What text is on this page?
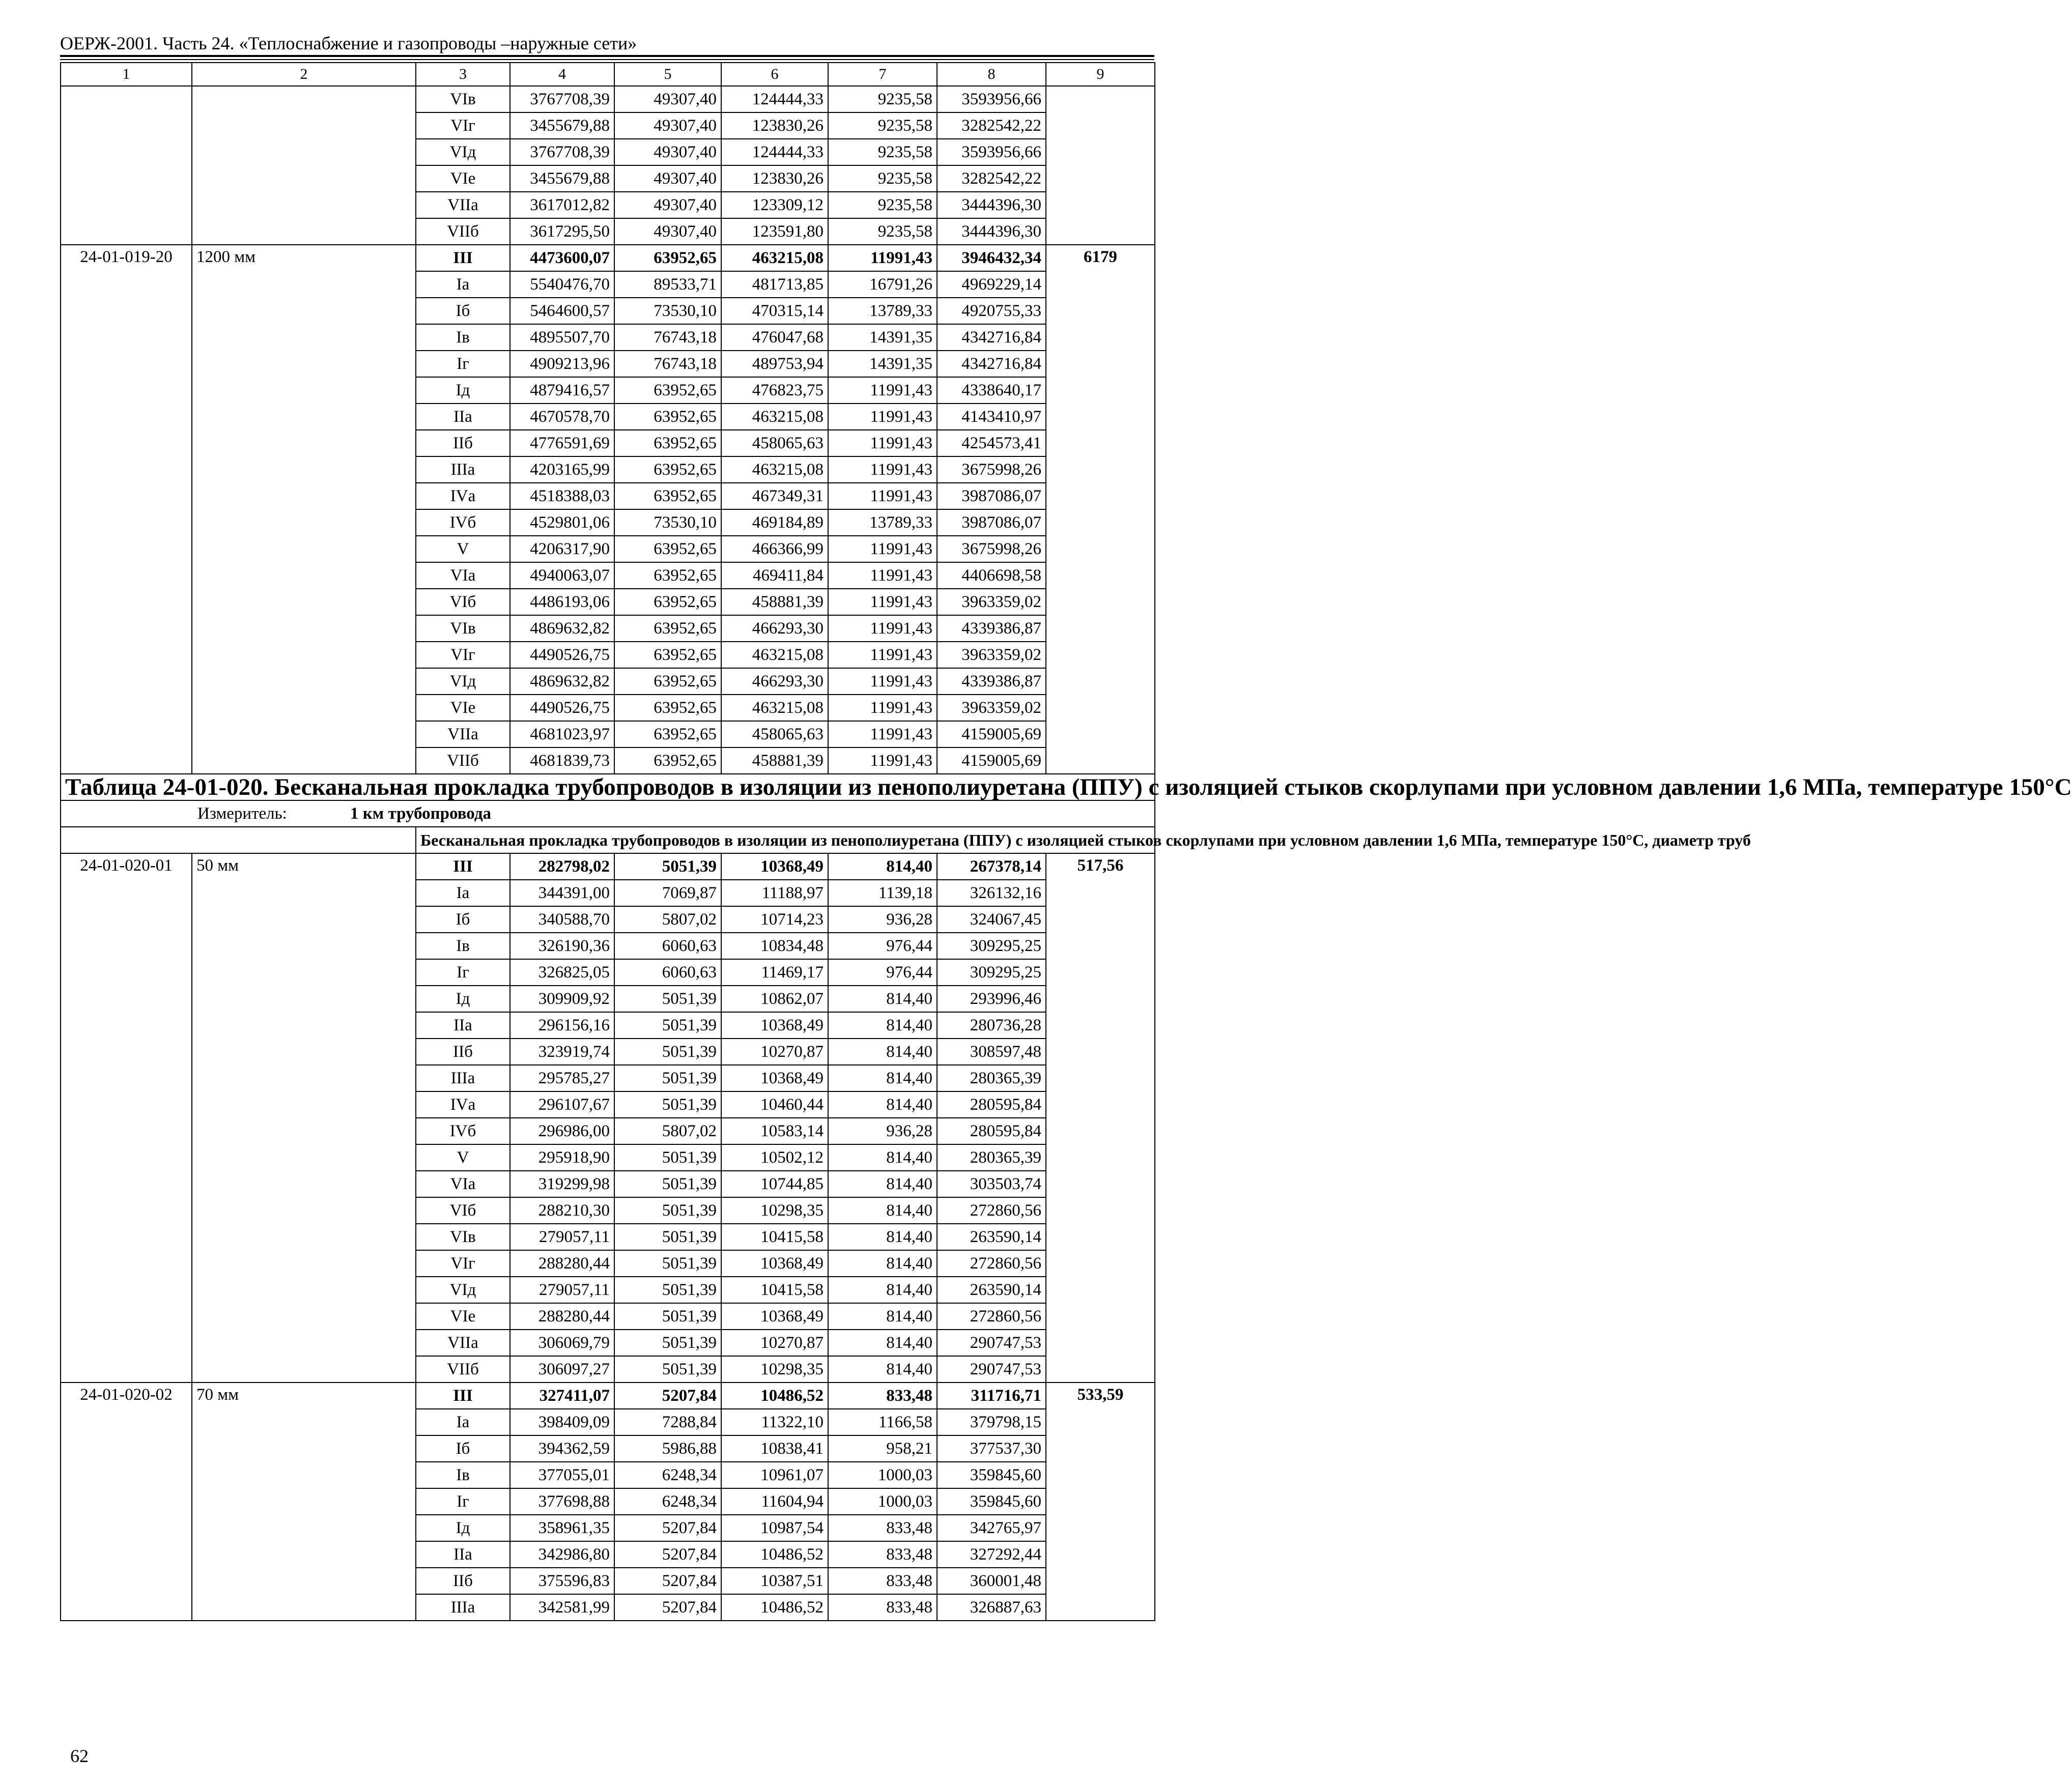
ОЕРЖ-2001. Часть 24. «Теплоснабжение и газопроводы –наружные сети»
1	2	3	4	5	6	7	8	9
		VIв	3767708,39	49307,40	124444,33	9235,58	3593956,66	
		VIг	3455679,88	49307,40	123830,26	9235,58	3282542,22	
		VIд	3767708,39	49307,40	124444,33	9235,58	3593956,66	
		VIе	3455679,88	49307,40	123830,26	9235,58	3282542,22	
		VIIа	3617012,82	49307,40	123309,12	9235,58	3444396,30	
		VIIб	3617295,50	49307,40	123591,80	9235,58	3444396,30	
24-01-019-20	1200 мм	III	4473600,07	63952,65	463215,08	11991,43	3946432,34	6179
		Iа	5540476,70	89533,71	481713,85	16791,26	4969229,14	
		Iб	5464600,57	73530,10	470315,14	13789,33	4920755,33	
		Iв	4895507,70	76743,18	476047,68	14391,35	4342716,84	
		Iг	4909213,96	76743,18	489753,94	14391,35	4342716,84	
		Iд	4879416,57	63952,65	476823,75	11991,43	4338640,17	
		IIа	4670578,70	63952,65	463215,08	11991,43	4143410,97	
		IIб	4776591,69	63952,65	458065,63	11991,43	4254573,41	
		IIIа	4203165,99	63952,65	463215,08	11991,43	3675998,26	
		IVа	4518388,03	63952,65	467349,31	11991,43	3987086,07	
		IVб	4529801,06	73530,10	469184,89	13789,33	3987086,07	
		V	4206317,90	63952,65	466366,99	11991,43	3675998,26	
		VIа	4940063,07	63952,65	469411,84	11991,43	4406698,58	
		VIб	4486193,06	63952,65	458881,39	11991,43	3963359,02	
		VIв	4869632,82	63952,65	466293,30	11991,43	4339386,87	
		VIг	4490526,75	63952,65	463215,08	11991,43	3963359,02	
		VIд	4869632,82	63952,65	466293,30	11991,43	4339386,87	
		VIе	4490526,75	63952,65	463215,08	11991,43	3963359,02	
		VIIа	4681023,97	63952,65	458065,63	11991,43	4159005,69	
		VIIб	4681839,73	63952,65	458881,39	11991,43	4159005,69	
Таблица 24-01-020. Бесканальная прокладка трубопроводов в изоляции из пенополиуретана (ППУ) с изоляцией стыков скорлупами при условном давлении 1,6 МПа, температуре 150°С								
Измеритель: 1 км трубопровода								
		Бесканальная прокладка трубопроводов в изоляции из пенополиуретана (ППУ) с изоляцией стыков скорлупами при условном давлении 1,6 МПа, температуре 150°С, диаметр труб						
24-01-020-01	50 мм	III	282798,02	5051,39	10368,49	814,40	267378,14	517,56
		Iа	344391,00	7069,87	11188,97	1139,18	326132,16	
		Iб	340588,70	5807,02	10714,23	936,28	324067,45	
		Iв	326190,36	6060,63	10834,48	976,44	309295,25	
		Iг	326825,05	6060,63	11469,17	976,44	309295,25	
		Iд	309909,92	5051,39	10862,07	814,40	293996,46	
		IIа	296156,16	5051,39	10368,49	814,40	280736,28	
		IIб	323919,74	5051,39	10270,87	814,40	308597,48	
		IIIа	295785,27	5051,39	10368,49	814,40	280365,39	
		IVа	296107,67	5051,39	10460,44	814,40	280595,84	
		IVб	296986,00	5807,02	10583,14	936,28	280595,84	
		V	295918,90	5051,39	10502,12	814,40	280365,39	
		VIа	319299,98	5051,39	10744,85	814,40	303503,74	
		VIб	288210,30	5051,39	10298,35	814,40	272860,56	
		VIв	279057,11	5051,39	10415,58	814,40	263590,14	
		VIг	288280,44	5051,39	10368,49	814,40	272860,56	
		VIд	279057,11	5051,39	10415,58	814,40	263590,14	
		VIе	288280,44	5051,39	10368,49	814,40	272860,56	
		VIIа	306069,79	5051,39	10270,87	814,40	290747,53	
		VIIб	306097,27	5051,39	10298,35	814,40	290747,53	
24-01-020-02	70 мм	III	327411,07	5207,84	10486,52	833,48	311716,71	533,59
		Iа	398409,09	7288,84	11322,10	1166,58	379798,15	
		Iб	394362,59	5986,88	10838,41	958,21	377537,30	
		Iв	377055,01	6248,34	10961,07	1000,03	359845,60	
		Iг	377698,88	6248,34	11604,94	1000,03	359845,60	
		Iд	358961,35	5207,84	10987,54	833,48	342765,97	
		IIа	342986,80	5207,84	10486,52	833,48	327292,44	
		IIб	375596,83	5207,84	10387,51	833,48	360001,48	
		IIIа	342581,99	5207,84	10486,52	833,48	326887,63	
62
